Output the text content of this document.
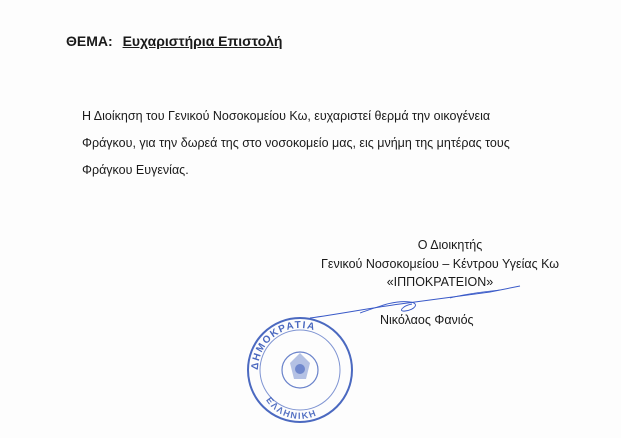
ΘΕΜΑ: Ευχαριστήρια Επιστολή

Η Διοίκηση του Γενικού Νοσοκομείου Κω, ευχαριστεί θερμά την οικογένεια

Φράγκου, για την δωρεά της στο νοσοκομείο μας, εις μνήμη της μητέρας τους

Φράγκου Ευγενίας.

Ο Διοικητής
Γενικού Νοσοκομείου – Κέντρου Υγείας Κω
«ΙΠΠΟΚΡΑΤΕΙΟΝ»
ΔΗΜΟΚΡΑΤΙΑ
ΕΛΛΗΝΙΚΗ
Νικόλαος Φανιός
